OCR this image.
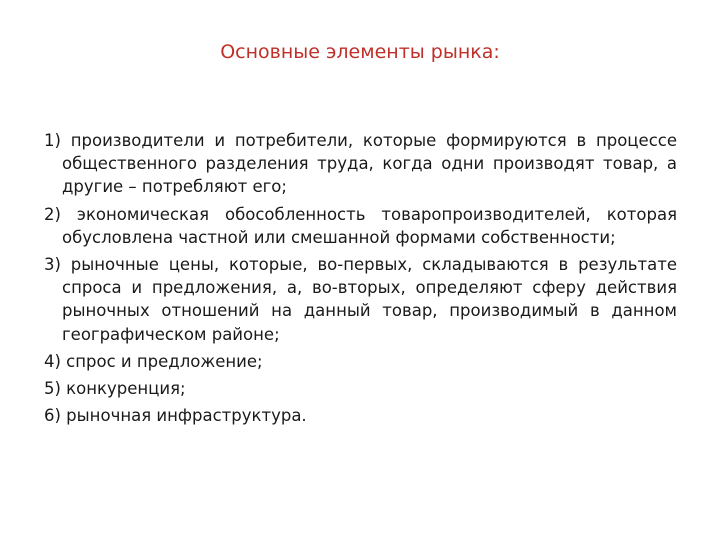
Основные элементы рынка:

1) производители и потребители, которые формируются в процессе общественного разделения труда, когда одни производят товар, а другие – потребляют его;

2) экономическая обособленность товаропроизводителей, которая обусловлена частной или смешанной формами собственности;

3) рыночные цены, которые, во-первых, складываются в результате спроса и предложения, а, во-вторых, определяют сферу действия рыночных отношений на данный товар, производимый в данном географическом районе;

4) спрос и предложение;

5) конкуренция;

6) рыночная инфраструктура.
